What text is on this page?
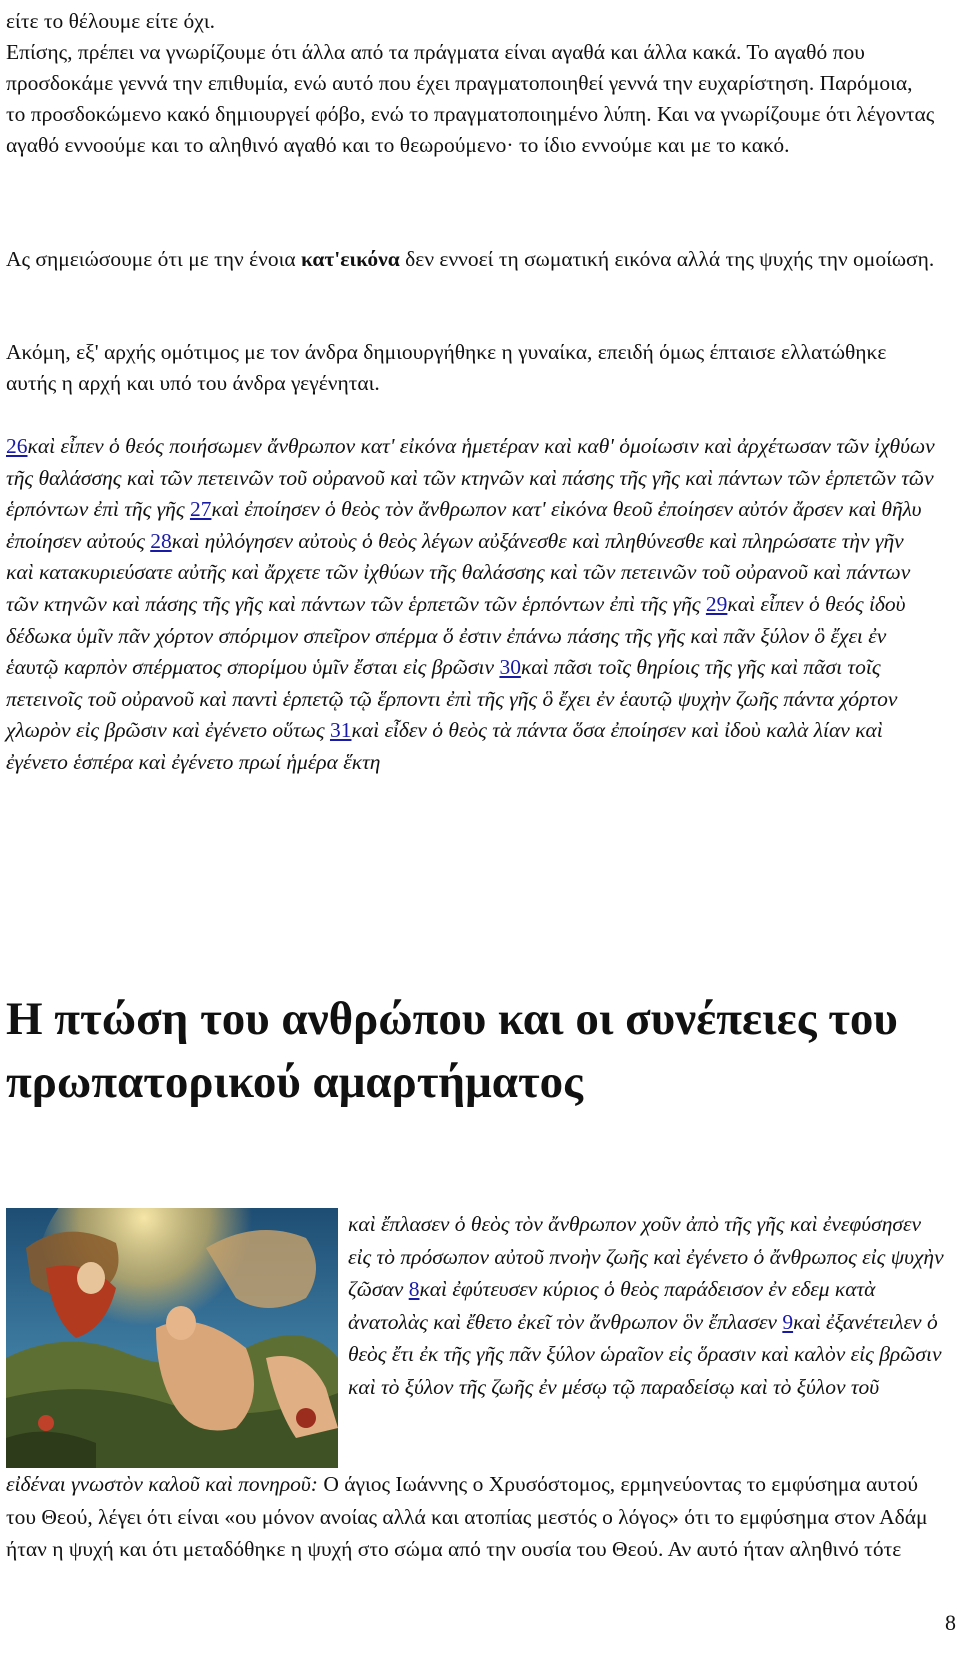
είτε το θέλουμε είτε όχι.
Επίσης, πρέπει να γνωρίζουμε ότι άλλα από τα πράγματα είναι αγαθά και άλλα κακά. Το αγαθό που προσδοκάμε γεννά την επιθυμία, ενώ αυτό που έχει πραγματοποιηθεί γεννά την ευχαρίστηση. Παρόμοια, το προσδοκώμενο κακό δημιουργεί φόβο, ενώ το πραγματοποιημένο λύπη. Και να γνωρίζουμε ότι λέγοντας αγαθό εννοούμε και το αληθινό αγαθό και το θεωρούμενο· το ίδιο εννούμε και με το κακό.

Ας σημειώσουμε ότι με την ένοια κατ'εικόνα δεν εννοεί τη σωματική εικόνα αλλά της ψυχής την ομοίωση.

Ακόμη, εξ' αρχής ομότιμος με τον άνδρα δημιουργήθηκε η γυναίκα, επειδή όμως έπταισε ελλατώθηκε αυτής η αρχή και υπό του άνδρα γεγένηται.

26καὶ εἶπεν ὁ θεός ποιήσωμεν ἄνθρωπον κατ' εἰκόνα ἡμετέραν καὶ καθ' ὁμοίωσιν καὶ ἀρχέτωσαν τῶν ἰχθύων τῆς θαλάσσης καὶ τῶν πετεινῶν τοῦ οὐρανοῦ καὶ τῶν κτηνῶν καὶ πάσης τῆς γῆς καὶ πάντων τῶν ἑρπετῶν τῶν ἑρπόντων ἐπὶ τῆς γῆς 27καὶ ἐποίησεν ὁ θεὸς τὸν ἄνθρωπον κατ' εἰκόνα θεοῦ ἐποίησεν αὐτόν ἄρσεν καὶ θῆλυ ἐποίησεν αὐτούς 28καὶ ηὐλόγησεν αὐτοὺς ὁ θεὸς λέγων αὐξάνεσθε καὶ πληθύνεσθε καὶ πληρώσατε τὴν γῆν καὶ κατακυριεύσατε αὐτῆς καὶ ἄρχετε τῶν ἰχθύων τῆς θαλάσσης καὶ τῶν πετεινῶν τοῦ οὐρανοῦ καὶ πάντων τῶν κτηνῶν καὶ πάσης τῆς γῆς καὶ πάντων τῶν ἑρπετῶν τῶν ἑρπόντων ἐπὶ τῆς γῆς 29καὶ εἶπεν ὁ θεός ἰδοὺ δέδωκα ὑμῖν πᾶν χόρτον σπόριμον σπεῖρον σπέρμα ὅ ἐστιν ἐπάνω πάσης τῆς γῆς καὶ πᾶν ξύλον ὃ ἔχει ἐν ἑαυτῷ καρπὸν σπέρματος σπορίμου ὑμῖν ἔσται εἰς βρῶσιν 30καὶ πᾶσι τοῖς θηρίοις τῆς γῆς καὶ πᾶσι τοῖς πετεινοῖς τοῦ οὐρανοῦ καὶ παντὶ ἑρπετῷ τῷ ἕρποντι ἐπὶ τῆς γῆς ὃ ἔχει ἐν ἑαυτῷ ψυχὴν ζωῆς πάντα χόρτον χλωρὸν εἰς βρῶσιν καὶ ἐγένετο οὕτως 31καὶ εἶδεν ὁ θεὸς τὰ πάντα ὅσα ἐποίησεν καὶ ἰδοὺ καλὰ λίαν καὶ ἐγένετο ἑσπέρα καὶ ἐγένετο πρωί ἡμέρα ἕκτη

Η πτώση του ανθρώπου και οι συνέπειες του πρωπατορικού αμαρτήματος

καὶ ἔπλασεν ὁ θεὸς τὸν ἄνθρωπον χοῦν ἀπὸ τῆς γῆς καὶ ἐνεφύσησεν εἰς τὸ πρόσωπον αὐτοῦ πνοὴν ζωῆς καὶ ἐγένετο ὁ ἄνθρωπος εἰς ψυχὴν ζῶσαν 8καὶ ἐφύτευσεν κύριος ὁ θεὸς παράδεισον ἐν εδεμ κατὰ ἀνατολὰς καὶ ἔθετο ἐκεῖ τὸν ἄνθρωπον ὃν ἔπλασεν 9καὶ ἐξανέτειλεν ὁ θεὸς ἔτι ἐκ τῆς γῆς πᾶν ξύλον ὡραῖον εἰς ὅρασιν καὶ καλὸν εἰς βρῶσιν καὶ τὸ ξύλον τῆς ζωῆς ἐν μέσῳ τῷ παραδείσῳ καὶ τὸ ξύλον τοῦ

εἰδέναι γνωστὸν καλοῦ καὶ πονηροῦ: Ο άγιος Ιωάννης ο Χρυσόστομος, ερμηνεύοντας το εμφύσημα αυτού του Θεού, λέγει ότι είναι «ου μόνον ανοίας αλλά και ατοπίας μεστός ο λόγος» ότι το εμφύσημα στον Αδάμ ήταν η ψυχή και ότι μεταδόθηκε η ψυχή στο σώμα από την ουσία του Θεού. Αν αυτό ήταν αληθινό τότε

8
